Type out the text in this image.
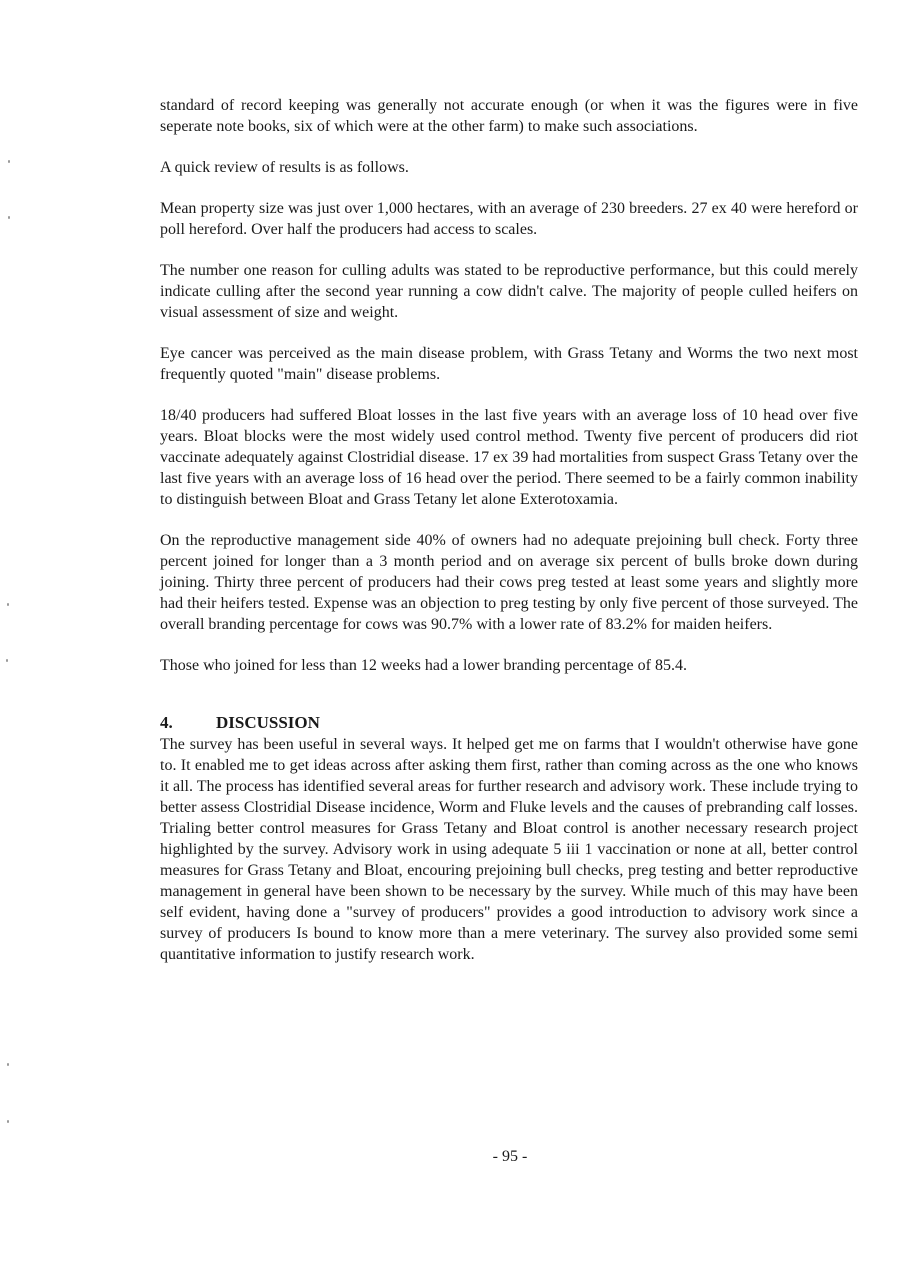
standard of record keeping was generally not accurate enough (or when it was the figures were in five seperate note books, six of which were at the other farm) to make such associations.

A quick review of results is as follows.

Mean property size was just over 1,000 hectares, with an average of 230 breeders. 27 ex 40 were hereford or poll hereford. Over half the producers had access to scales.

The number one reason for culling adults was stated to be reproductive performance, but this could merely indicate culling after the second year running a cow didn't calve. The majority of people culled heifers on visual assessment of size and weight.

Eye cancer was perceived as the main disease problem, with Grass Tetany and Worms the two next most frequently quoted "main" disease problems.

18/40 producers had suffered Bloat losses in the last five years with an average loss of 10 head over five years. Bloat blocks were the most widely used control method. Twenty five percent of producers did riot vaccinate adequately against Clostridial disease. 17 ex 39 had mortalities from suspect Grass Tetany over the last five years with an average loss of 16 head over the period. There seemed to be a fairly common inability to distinguish between Bloat and Grass Tetany let alone Exterotoxamia.

On the reproductive management side 40% of owners had no adequate prejoining bull check. Forty three percent joined for longer than a 3 month period and on average six percent of bulls broke down during joining. Thirty three percent of producers had their cows preg tested at least some years and slightly more had their heifers tested. Expense was an objection to preg testing by only five percent of those surveyed. The overall branding percentage for cows was 90.7% with a lower rate of 83.2% for maiden heifers.

Those who joined for less than 12 weeks had a lower branding percentage of 85.4.

4.	DISCUSSION

The survey has been useful in several ways. It helped get me on farms that I wouldn't otherwise have gone to. It enabled me to get ideas across after asking them first, rather than coming across as the one who knows it all. The process has identified several areas for further research and advisory work. These include trying to better assess Clostridial Disease incidence, Worm and Fluke levels and the causes of prebranding calf losses. Trialing better control measures for Grass Tetany and Bloat control is another necessary research project highlighted by the survey. Advisory work in using adequate 5 iii 1 vaccination or none at all, better control measures for Grass Tetany and Bloat, encouring prejoining bull checks, preg testing and better reproductive management in general have been shown to be necessary by the survey. While much of this may have been self evident, having done a "survey of producers" provides a good introduction to advisory work since a survey of producers Is bound to know more than a mere veterinary. The survey also provided some semi quantitative information to justify research work.

- 95 -
